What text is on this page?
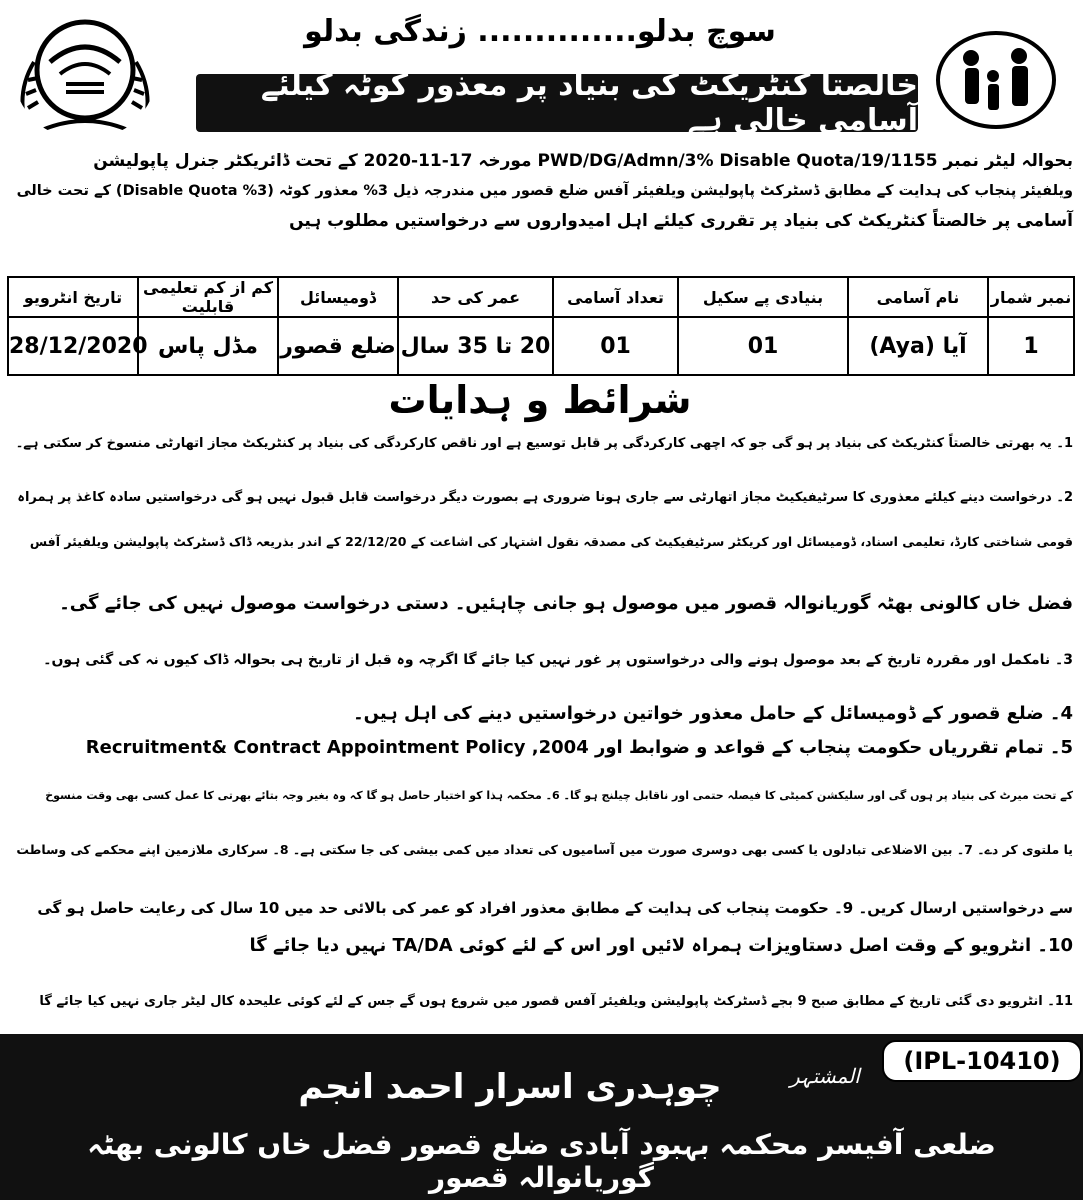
سوچ بدلو.............. زندگی بدلو
خالصتاً کنٹریکٹ کی بنیاد پر معذور کوٹہ کیلئے آسامی خالی ہے
بحوالہ لیٹر نمبر PWD/DG/Admn/3% Disable Quota/19/1155 مورخہ 17-11-2020 کے تحت ڈائریکٹر جنرل پاپولیشن
ویلفیئر پنجاب کی ہدایت کے مطابق ڈسٹرکٹ پاپولیشن ویلفیئر آفس ضلع قصور میں مندرجہ ذیل 3% معذور کوٹہ (3% Disable Quota) کے تحت خالی
آسامی پر خالصتاً کنٹریکٹ کی بنیاد پر تقرری کیلئے اہل امیدواروں سے درخواستیں مطلوب ہیں
تاریخ انٹرویو	کم از کم تعلیمی قابلیت	ڈومیسائل	عمر کی حد	تعداد آسامی	بنیادی پے سکیل	نام آسامی	نمبر شمار
28/12/2020	مڈل پاس	ضلع قصور	20 تا 35 سال	01	01	آیا (Aya)	1
شرائط و ہدایات
1۔ یہ بھرتی خالصتاً کنٹریکٹ کی بنیاد پر ہو گی جو کہ اچھی کارکردگی پر قابل توسیع ہے اور ناقص کارکردگی کی بنیاد پر کنٹریکٹ مجاز اتھارٹی منسوخ کر سکتی ہے۔
2۔ درخواست دینے کیلئے معذوری کا سرٹیفیکیٹ مجاز اتھارٹی سے جاری ہونا ضروری ہے بصورت دیگر درخواست قابل قبول نہیں ہو گی درخواستیں سادہ کاغذ پر ہمراہ
قومی شناختی کارڈ، تعلیمی اسناد، ڈومیسائل اور کریکٹر سرٹیفیکیٹ کی مصدقہ نقول اشتہار کی اشاعت کے 22/12/20 کے اندر بذریعہ ڈاک ڈسٹرکٹ پاپولیشن ویلفیئر آفس
فضل خاں کالونی بھٹہ گوریانوالہ قصور میں موصول ہو جانی چاہئیں۔ دستی درخواست موصول نہیں کی جائے گی۔
3۔ نامکمل اور مقررہ تاریخ کے بعد موصول ہونے والی درخواستوں پر غور نہیں کیا جائے گا اگرچہ وہ قبل از تاریخ ہی بحوالہ ڈاک کیوں نہ کی گئی ہوں۔
4۔ ضلع قصور کے ڈومیسائل کے حامل معذور خواتین درخواستیں دینے کی اہل ہیں۔
5۔ تمام تقرریاں حکومت پنجاب کے قواعد و ضوابط اور Recruitment& Contract Appointment Policy ,2004
کے تحت میرٹ کی بنیاد پر ہوں گی اور سلیکشن کمیٹی کا فیصلہ حتمی اور ناقابل چیلنج ہو گا۔ 6۔ محکمہ ہذا کو اختیار حاصل ہو گا کہ وہ بغیر وجہ بتائے بھرتی کا عمل کسی بھی وقت منسوخ
یا ملتوی کر دے۔ 7۔ بین الاضلاعی تبادلوں یا کسی بھی دوسری صورت میں آسامیوں کی تعداد میں کمی بیشی کی جا سکتی ہے۔ 8۔ سرکاری ملازمین اپنے محکمے کی وساطت
سے درخواستیں ارسال کریں۔ 9۔ حکومت پنجاب کی ہدایت کے مطابق معذور افراد کو عمر کی بالائی حد میں 10 سال کی رعایت حاصل ہو گی
10۔ انٹرویو کے وقت اصل دستاویزات ہمراہ لائیں اور اس کے لئے کوئی TA/DA نہیں دیا جائے گا
11۔ انٹرویو دی گئی تاریخ کے مطابق صبح 9 بجے ڈسٹرکٹ پاپولیشن ویلفیئر آفس قصور میں شروع ہوں گے جس کے لئے کوئی علیحدہ کال لیٹر جاری نہیں کیا جائے گا
(IPL-10410)
المشتہر
چوہدری اسرار احمد انجم
ضلعی آفیسر محکمہ بہبود آبادی ضلع قصور فضل خاں کالونی بھٹہ گوریانوالہ قصور
